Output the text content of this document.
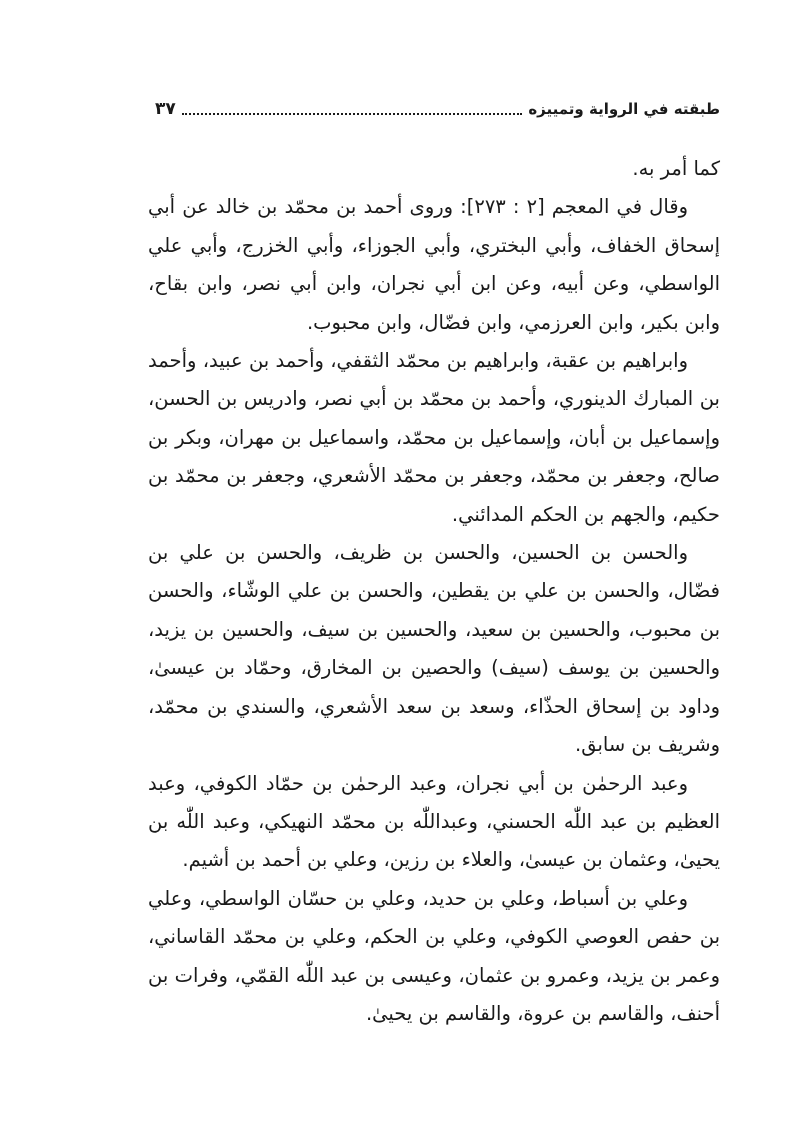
طبقته في الرواية وتمييزه
٣٧

كما أمر به.

وقال في المعجم [٢ : ٢٧٣]: وروى أحمد بن محمّد بن خالد عن أبي إسحاق الخفاف، وأبي البختري، وأبي الجوزاء، وأبي الخزرج، وأبي علي الواسطي، وعن أبيه، وعن ابن أبي نجران، وابن أبي نصر، وابن بقاح، وابن بكير، وابن العرزمي، وابن فضّال، وابن محبوب.

وابراهيم بن عقبة، وابراهيم بن محمّد الثقفي، وأحمد بن عبيد، وأحمد بن المبارك الدينوري، وأحمد بن محمّد بن أبي نصر، وادريس بن الحسن، وإسماعيل بن أبان، وإسماعيل بن محمّد، واسماعيل بن مهران، وبكر بن صالح، وجعفر بن محمّد، وجعفر بن محمّد الأشعري، وجعفر بن محمّد بن حكيم، والجهم بن الحكم المدائني.

والحسن بن الحسين، والحسن بن ظريف، والحسن بن علي بن فضّال، والحسن بن علي بن يقطين، والحسن بن علي الوشّاء، والحسن بن محبوب، والحسين بن سعيد، والحسين بن سيف، والحسين بن يزيد، والحسين بن يوسف (سيف) والحصين بن المخارق، وحمّاد بن عيسىٰ، وداود بن إسحاق الحذّاء، وسعد بن سعد الأشعري، والسندي بن محمّد، وشريف بن سابق.

وعبد الرحمٰن بن أبي نجران، وعبد الرحمٰن بن حمّاد الكوفي، وعبد العظيم بن عبد اللّٰه الحسني، وعبداللّٰه بن محمّد النهيكي، وعبد اللّٰه بن يحيىٰ، وعثمان بن عيسىٰ، والعلاء بن رزين، وعلي بن أحمد بن أشيم.

وعلي بن أسباط، وعلي بن حديد، وعلي بن حسّان الواسطي، وعلي بن حفص العوصي الكوفي، وعلي بن الحكم، وعلي بن محمّد القاساني، وعمر بن يزيد، وعمرو بن عثمان، وعيسى بن عبد اللّٰه القمّي، وفرات بن أحنف، والقاسم بن عروة، والقاسم بن يحيىٰ.
